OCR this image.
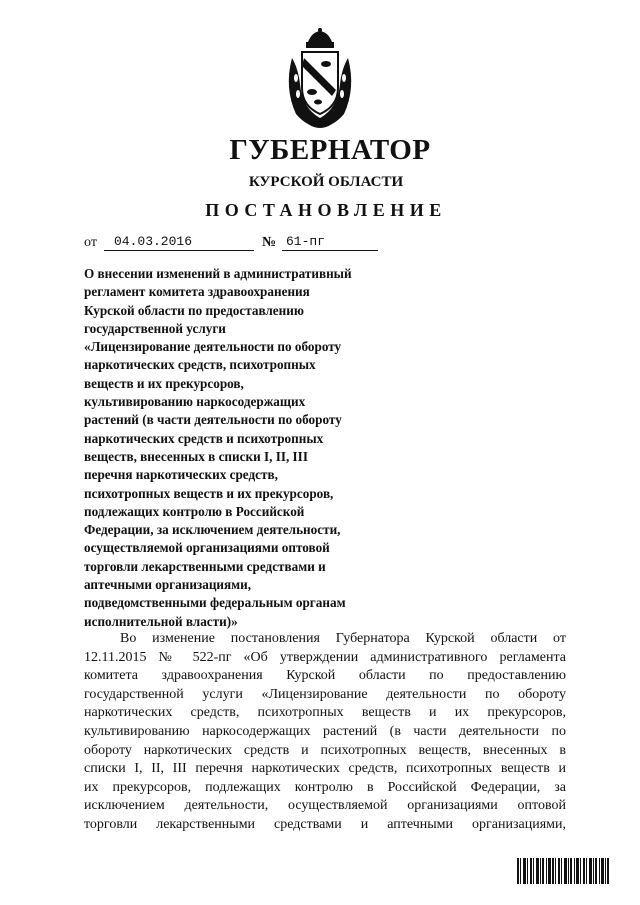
ГУБЕРНАТОР
КУРСКОЙ ОБЛАСТИ
ПОСТАНОВЛЕНИЕ
от	04.03.2016	№ 61-пг

О внесении изменений в административный
регламент комитета здравоохранения
Курской области по предоставлению
государственной услуги
«Лицензирование деятельности по обороту
наркотических средств, психотропных
веществ и их прекурсоров,
культивированию наркосодержащих
растений (в части деятельности по обороту
наркотических средств и психотропных
веществ, внесенных в списки I, II, III
перечня наркотических средств,
психотропных веществ и их прекурсоров,
подлежащих контролю в Российской
Федерации, за исключением деятельности,
осуществляемой организациями оптовой
торговли лекарственными средствами и
аптечными организациями,
подведомственными федеральным органам
исполнительной власти)»

Во изменение постановления Губернатора Курской области от
12.11.2015 № 522-пг «Об утверждении административного регламента
комитета здравоохранения Курской области по предоставлению
государственной услуги «Лицензирование деятельности по обороту
наркотических средств, психотропных веществ и их прекурсоров,
культивированию наркосодержащих растений (в части деятельности по
обороту наркотических средств и психотропных веществ, внесенных в
списки I, II, III перечня наркотических средств, психотропных веществ и
их прекурсоров, подлежащих контролю в Российской Федерации, за
исключением деятельности, осуществляемой организациями оптовой
торговли лекарственными средствами и аптечными организациями,
